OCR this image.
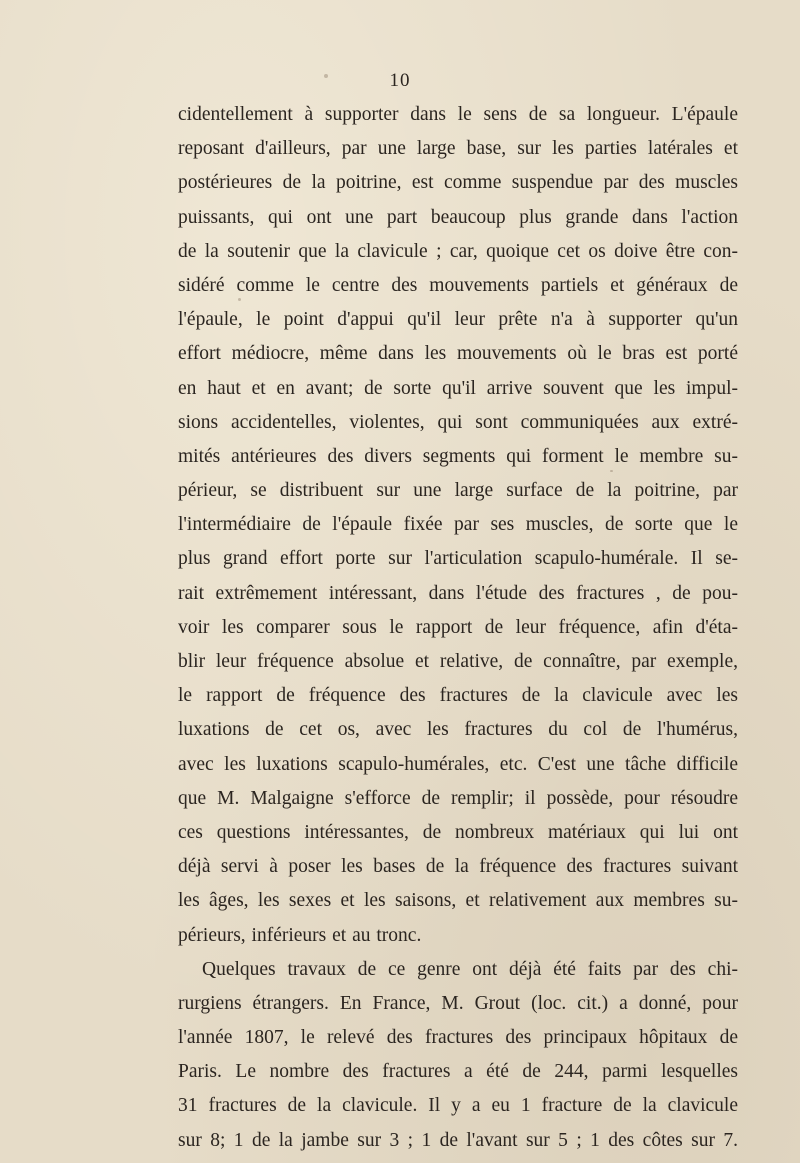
10
cidentellement à supporter dans le sens de sa longueur. L'épaule
reposant d'ailleurs, par une large base, sur les parties latérales et
postérieures de la poitrine, est comme suspendue par des muscles
puissants, qui ont une part beaucoup plus grande dans l'action
de la soutenir que la clavicule ; car, quoique cet os doive être con-
sidéré comme le centre des mouvements partiels et généraux de
l'épaule, le point d'appui qu'il leur prête n'a à supporter qu'un
effort médiocre, même dans les mouvements où le bras est porté
en haut et en avant; de sorte qu'il arrive souvent que les impul-
sions accidentelles, violentes, qui sont communiquées aux extré-
mités antérieures des divers segments qui forment le membre su-
périeur, se distribuent sur une large surface de la poitrine, par
l'intermédiaire de l'épaule fixée par ses muscles, de sorte que le
plus grand effort porte sur l'articulation scapulo-humérale. Il se-
rait extrêmement intéressant, dans l'étude des fractures , de pou-
voir les comparer sous le rapport de leur fréquence, afin d'éta-
blir leur fréquence absolue et relative, de connaître, par exemple,
le rapport de fréquence des fractures de la clavicule avec les
luxations de cet os, avec les fractures du col de l'humérus,
avec les luxations scapulo-humérales, etc. C'est une tâche difficile
que M. Malgaigne s'efforce de remplir; il possède, pour résoudre
ces questions intéressantes, de nombreux matériaux qui lui ont
déjà servi à poser les bases de la fréquence des fractures suivant
les âges, les sexes et les saisons, et relativement aux membres su-
périeurs, inférieurs et au tronc.
Quelques travaux de ce genre ont déjà été faits par des chi-
rurgiens étrangers. En France, M. Grout (loc. cit.) a donné, pour
l'année 1807, le relevé des fractures des principaux hôpitaux de
Paris. Le nombre des fractures a été de 244, parmi lesquelles
31 fractures de la clavicule. Il y a eu 1 fracture de la clavicule
sur 8; 1 de la jambe sur 3 ; 1 de l'avant sur 5 ; 1 des côtes sur 7.
